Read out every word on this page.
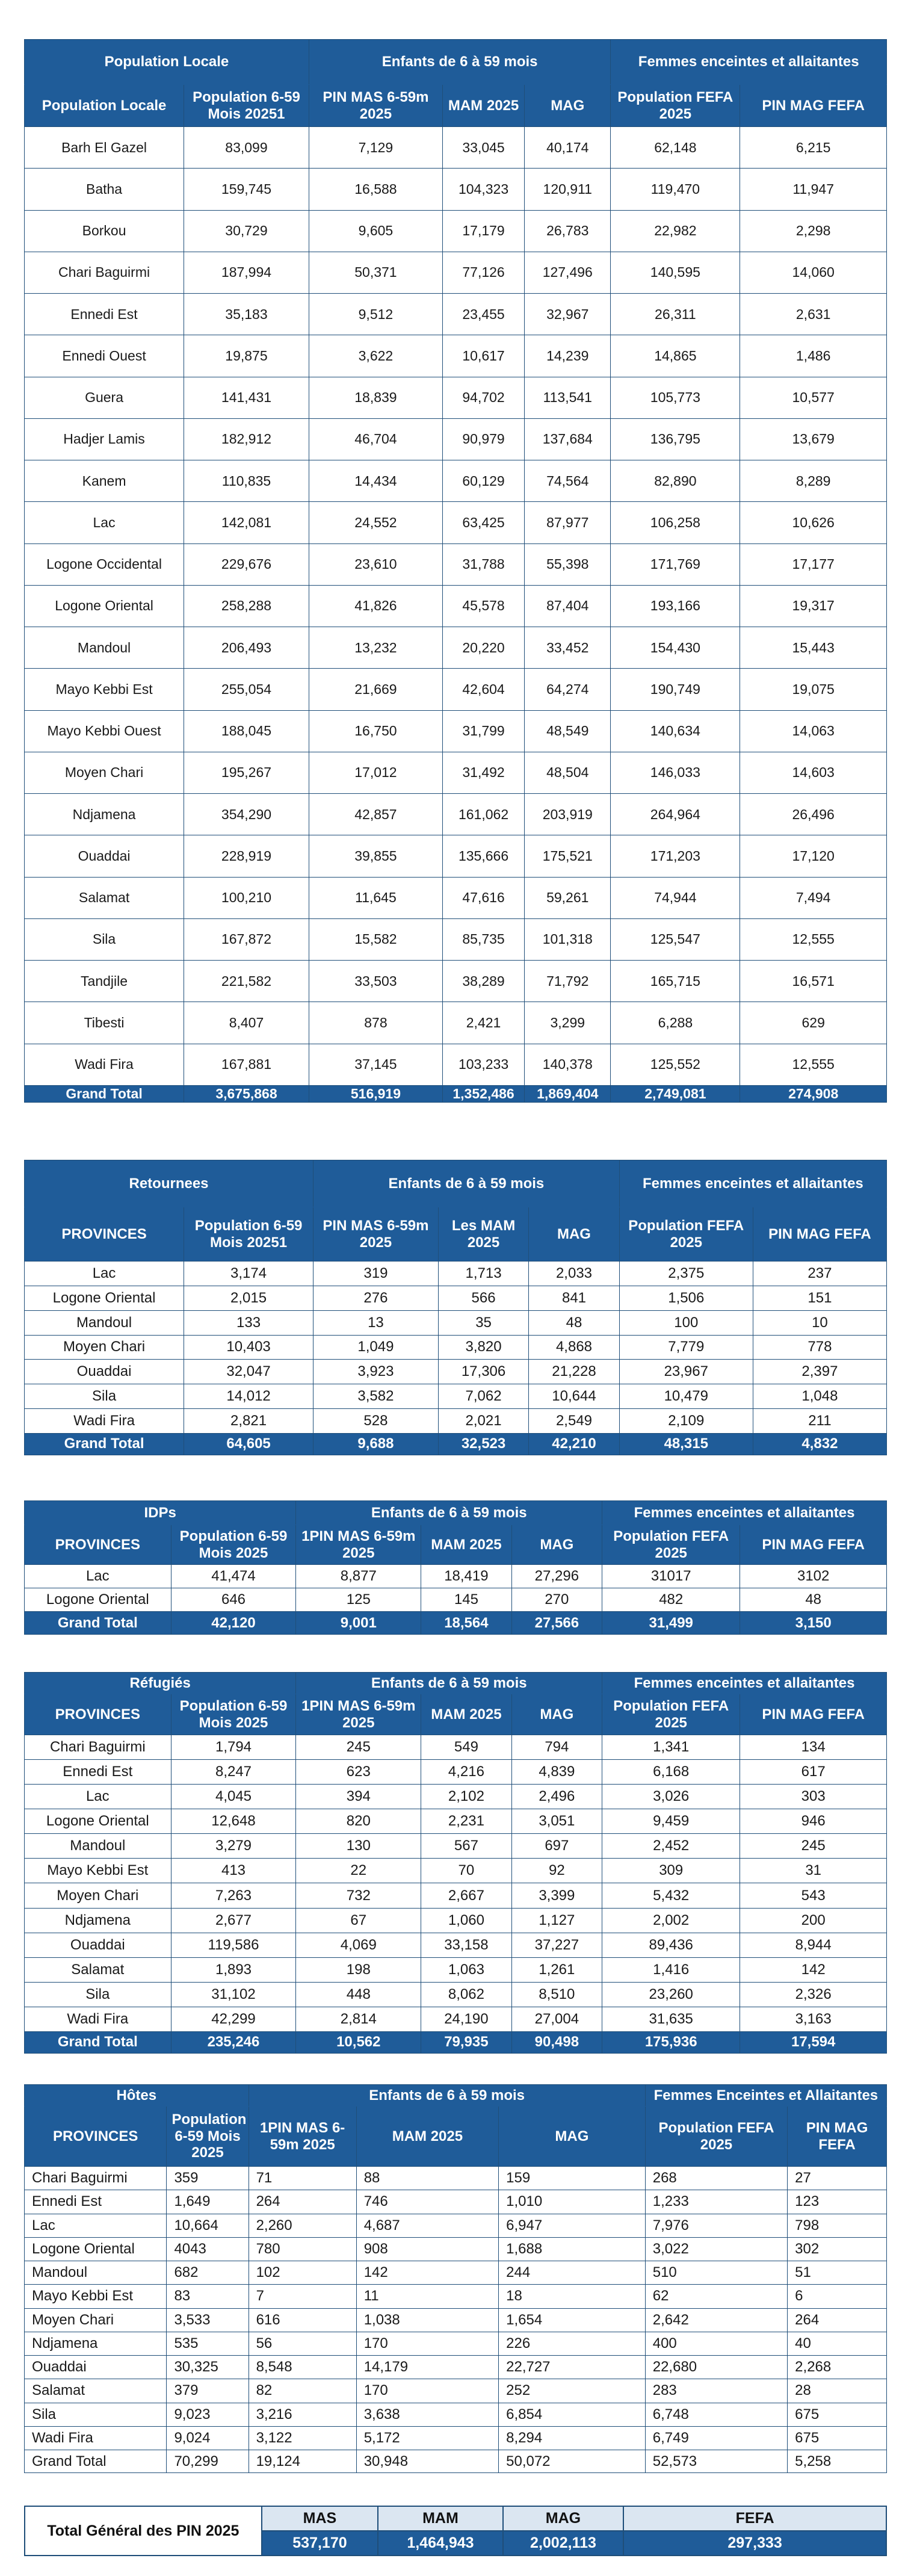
Population Locale		Enfants de 6 à 59 mois			Femmes enceintes et allaitantes	
Population Locale	Population 6-59 Mois 20251	PIN MAS 6-59m 2025	MAM 2025	MAG	Population FEFA 2025	PIN MAG FEFA
Barh El Gazel	83,099	7,129	33,045	40,174	62,148	6,215
Batha	159,745	16,588	104,323	120,911	119,470	11,947
Borkou	30,729	9,605	17,179	26,783	22,982	2,298
Chari Baguirmi	187,994	50,371	77,126	127,496	140,595	14,060
Ennedi Est	35,183	9,512	23,455	32,967	26,311	2,631
Ennedi Ouest	19,875	3,622	10,617	14,239	14,865	1,486
Guera	141,431	18,839	94,702	113,541	105,773	10,577
Hadjer Lamis	182,912	46,704	90,979	137,684	136,795	13,679
Kanem	110,835	14,434	60,129	74,564	82,890	8,289
Lac	142,081	24,552	63,425	87,977	106,258	10,626
Logone Occidental	229,676	23,610	31,788	55,398	171,769	17,177
Logone Oriental	258,288	41,826	45,578	87,404	193,166	19,317
Mandoul	206,493	13,232	20,220	33,452	154,430	15,443
Mayo Kebbi Est	255,054	21,669	42,604	64,274	190,749	19,075
Mayo Kebbi Ouest	188,045	16,750	31,799	48,549	140,634	14,063
Moyen Chari	195,267	17,012	31,492	48,504	146,033	14,603
Ndjamena	354,290	42,857	161,062	203,919	264,964	26,496
Ouaddai	228,919	39,855	135,666	175,521	171,203	17,120
Salamat	100,210	11,645	47,616	59,261	74,944	7,494
Sila	167,872	15,582	85,735	101,318	125,547	12,555
Tandjile	221,582	33,503	38,289	71,792	165,715	16,571
Tibesti	8,407	878	2,421	3,299	6,288	629
Wadi Fira	167,881	37,145	103,233	140,378	125,552	12,555
Grand Total	3,675,868	516,919	1,352,486	1,869,404	2,749,081	274,908
Retournees		Enfants de 6 à 59 mois			Femmes enceintes et allaitantes	
PROVINCES	Population 6-59 Mois 20251	PIN MAS 6-59m 2025	Les MAM 2025	MAG	Population FEFA 2025	PIN MAG FEFA
Lac	3,174	319	1,713	2,033	2,375	237
Logone Oriental	2,015	276	566	841	1,506	151
Mandoul	133	13	35	48	100	10
Moyen Chari	10,403	1,049	3,820	4,868	7,779	778
Ouaddai	32,047	3,923	17,306	21,228	23,967	2,397
Sila	14,012	3,582	7,062	10,644	10,479	1,048
Wadi Fira	2,821	528	2,021	2,549	2,109	211
Grand Total	64,605	9,688	32,523	42,210	48,315	4,832
IDPs		Enfants de 6 à 59 mois			Femmes enceintes et allaitantes	
PROVINCES	Population 6-59 Mois 2025	1PIN MAS 6-59m 2025	MAM 2025	MAG	Population FEFA 2025	PIN MAG FEFA
Lac	41,474	8,877	18,419	27,296	31017	3102
Logone Oriental	646	125	145	270	482	48
Grand Total	42,120	9,001	18,564	27,566	31,499	3,150
Réfugiés		Enfants de 6 à 59 mois			Femmes enceintes et allaitantes	
PROVINCES	Population 6-59 Mois 2025	1PIN MAS 6-59m 2025	MAM 2025	MAG	Population FEFA 2025	PIN MAG FEFA
Chari Baguirmi	1,794	245	549	794	1,341	134
Ennedi Est	8,247	623	4,216	4,839	6,168	617
Lac	4,045	394	2,102	2,496	3,026	303
Logone Oriental	12,648	820	2,231	3,051	9,459	946
Mandoul	3,279	130	567	697	2,452	245
Mayo Kebbi Est	413	22	70	92	309	31
Moyen Chari	7,263	732	2,667	3,399	5,432	543
Ndjamena	2,677	67	1,060	1,127	2,002	200
Ouaddai	119,586	4,069	33,158	37,227	89,436	8,944
Salamat	1,893	198	1,063	1,261	1,416	142
Sila	31,102	448	8,062	8,510	23,260	2,326
Wadi Fira	42,299	2,814	24,190	27,004	31,635	3,163
Grand Total	235,246	10,562	79,935	90,498	175,936	17,594
Hôtes		Enfants de 6 à 59 mois			Femmes Enceintes et Allaitantes	
PROVINCES	Population 6-59 Mois 2025	1PIN MAS 6-59m 2025	MAM 2025	MAG	Population FEFA 2025	PIN MAG FEFA
Chari Baguirmi	359	71	88	159	268	27
Ennedi Est	1,649	264	746	1,010	1,233	123
Lac	10,664	2,260	4,687	6,947	7,976	798
Logone Oriental	4043	780	908	1,688	3,022	302
Mandoul	682	102	142	244	510	51
Mayo Kebbi Est	83	7	11	18	62	6
Moyen Chari	3,533	616	1,038	1,654	2,642	264
Ndjamena	535	56	170	226	400	40
Ouaddai	30,325	8,548	14,179	22,727	22,680	2,268
Salamat	379	82	170	252	283	28
Sila	9,023	3,216	3,638	6,854	6,748	675
Wadi Fira	9,024	3,122	5,172	8,294	6,749	675
Grand Total	70,299	19,124	30,948	50,072	52,573	5,258
Total Général des PIN 2025	MAS	MAM	MAG	FEFA
	537,170	1,464,943	2,002,113	297,333
